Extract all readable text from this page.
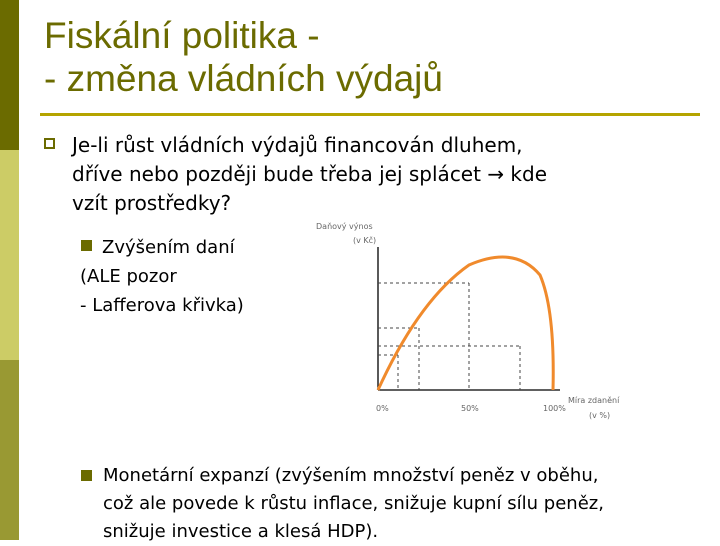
Fiskální politika -
- změna vládních výdajů
Je-li růst vládních výdajů financován dluhem,
dříve nebo později bude třeba jej splácet → kde
vzít prostředky?
Zvýšením daní
(ALE pozor
- Lafferova křivka)
Daňový výnos
(v Kč)
0%	50%	100%
Míra zdanění
(v %)
Monetární expanzí (zvýšením množství peněz v oběhu,
což ale povede k růstu inflace, snižuje kupní sílu peněz,
snižuje investice a klesá HDP).
